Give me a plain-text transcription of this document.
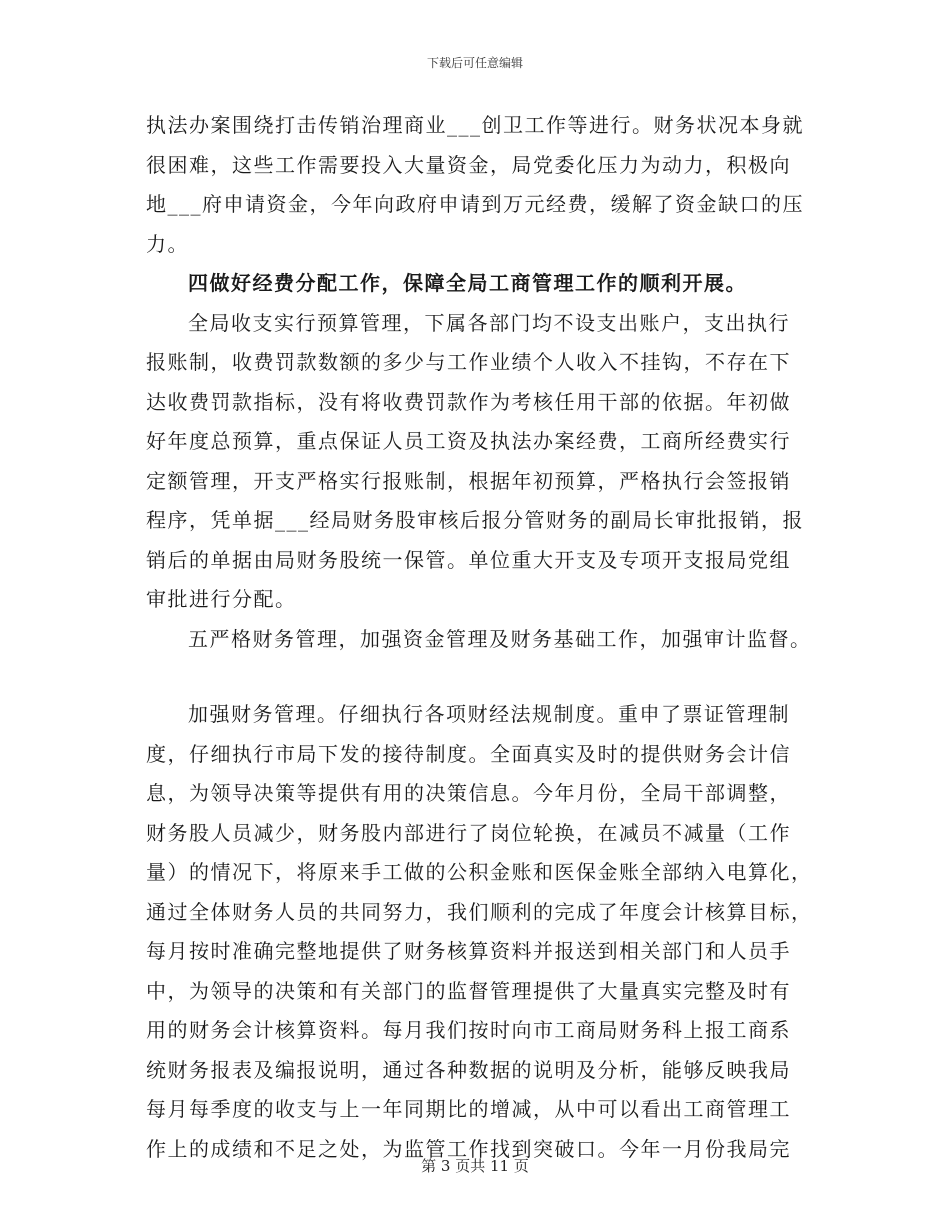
下载后可任意编辑
执法办案围绕打击传销治理商业___创卫工作等进行。财务状况本身就
很困难，这些工作需要投入大量资金，局党委化压力为动力，积极向
地___府申请资金，今年向政府申请到万元经费，缓解了资金缺口的压
力。
四做好经费分配工作，保障全局工商管理工作的顺利开展。
全局收支实行预算管理，下属各部门均不设支出账户，支出执行
报账制，收费罚款数额的多少与工作业绩个人收入不挂钩，不存在下
达收费罚款指标，没有将收费罚款作为考核任用干部的依据。年初做
好年度总预算，重点保证人员工资及执法办案经费，工商所经费实行
定额管理，开支严格实行报账制，根据年初预算，严格执行会签报销
程序，凭单据___经局财务股审核后报分管财务的副局长审批报销，报
销后的单据由局财务股统一保管。单位重大开支及专项开支报局党组
审批进行分配。
五严格财务管理，加强资金管理及财务基础工作，加强审计监督。
加强财务管理。仔细执行各项财经法规制度。重申了票证管理制
度，仔细执行市局下发的接待制度。全面真实及时的提供财务会计信
息，为领导决策等提供有用的决策信息。今年月份，全局干部调整，
财务股人员减少，财务股内部进行了岗位轮换，在减员不减量（工作
量）的情况下，将原来手工做的公积金账和医保金账全部纳入电算化，
通过全体财务人员的共同努力，我们顺利的完成了年度会计核算目标，
每月按时准确完整地提供了财务核算资料并报送到相关部门和人员手
中，为领导的决策和有关部门的监督管理提供了大量真实完整及时有
用的财务会计核算资料。每月我们按时向市工商局财务科上报工商系
统财务报表及编报说明，通过各种数据的说明及分析，能够反映我局
每月每季度的收支与上一年同期比的增减，从中可以看出工商管理工
作上的成绩和不足之处，为监管工作找到突破口。今年一月份我局完
第 3 页共 11 页
